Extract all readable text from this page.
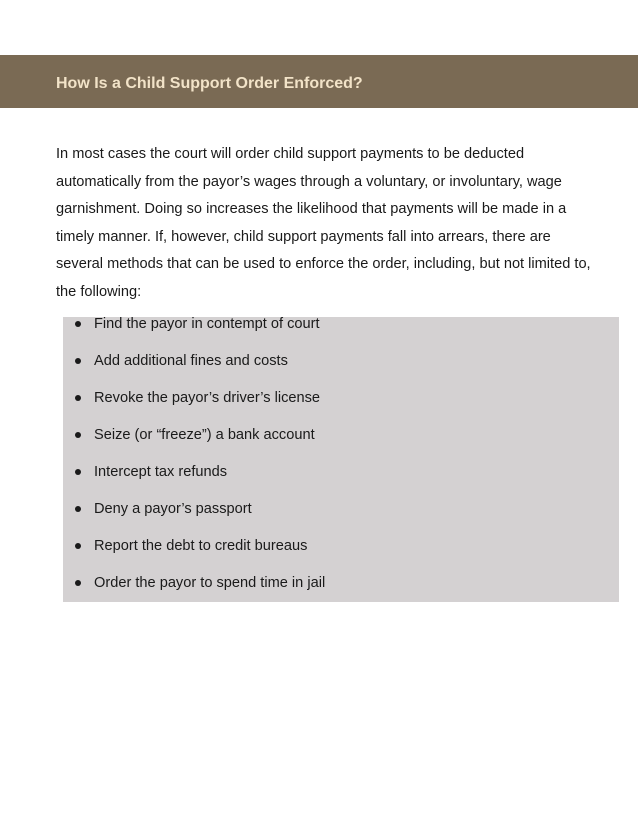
How Is a Child Support Order Enforced?

In most cases the court will order child support payments to be deducted automatically from the payor’s wages through a voluntary, or involuntary, wage garnishment. Doing so increases the likelihood that payments will be made in a timely manner. If, however, child support payments fall into arrears, there are several methods that can be used to enforce the order, including, but not limited to, the following:

Find the payor in contempt of court
Add additional fines and costs
Revoke the payor’s driver’s license
Seize (or “freeze”) a bank account
Intercept tax refunds
Deny a payor’s passport
Report the debt to credit bureaus
Order the payor to spend time in jail
